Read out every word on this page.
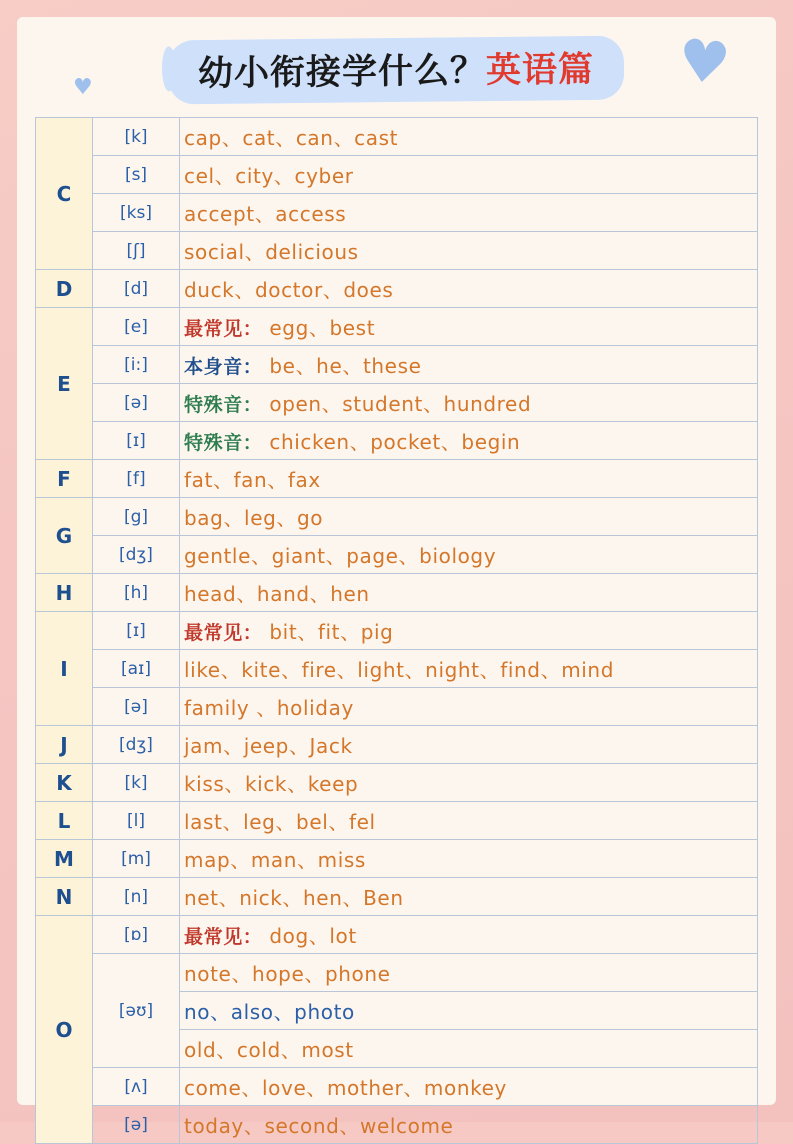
♥	♥
幼小衔接学什么？英语篇
C	[k]	cap、cat、can、cast
	[s]	cel、city、cyber
	[ks]	accept、access
	[ʃ]	social、delicious
D	[d]	duck、doctor、does
E	[e]	最常见： egg、best
	[i:]	本身音： be、he、these
	[ə]	特殊音： open、student、hundred
	[ɪ]	特殊音： chicken、pocket、begin
F	[f]	fat、fan、fax
G	[g]	bag、leg、go
	[dʒ]	gentle、giant、page、biology
H	[h]	head、hand、hen
I	[ɪ]	最常见： bit、fit、pig
	[aɪ]	like、kite、fire、light、night、find、mind
	[ə]	family 、holiday
J	[dʒ]	jam、jeep、Jack
K	[k]	kiss、kick、keep
L	[l]	last、leg、bel、fel
M	[m]	map、man、miss
N	[n]	net、nick、hen、Ben
O	[ɒ]	最常见： dog、lot
	[əʊ]	note、hope、phone
		no、also、photo
		old、cold、most
	[ʌ]	come、love、mother、monkey
	[ə]	today、second、welcome
